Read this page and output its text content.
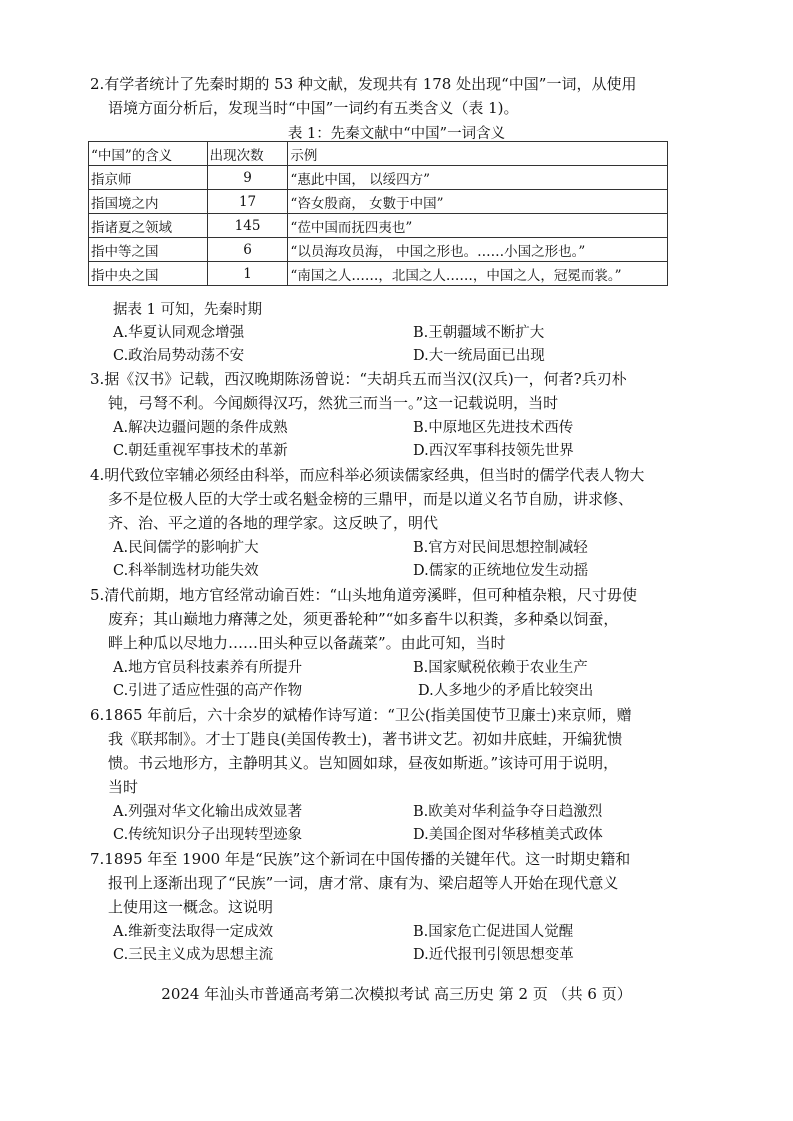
2.有学者统计了先秦时期的 53 种文献，发现共有 178 处出现“中国”一词，从使用
语境方面分析后，发现当时“中国”一词约有五类含义（表 1)。
表 1：先秦文献中“中国”一词含义
“中国”的含义	出现次数	示例
指京师	9	“惠此中国， 以绥四方”
指国境之内	17	“咨女殷商， 女數于中国”
指诸夏之领域	145	“莅中国而抚四夷也”
指中等之国	6	“以员海攻员海， 中国之形也。……小国之形也。”
指中央之国	1	“南国之人……，北国之人……，中国之人，冠冕而裳。”
据表 1 可知，先秦时期
A.华夏认同观念增强	B.王朝疆域不断扩大
C.政治局势动荡不安	D.大一统局面已出现
3.据《汉书》记载，西汉晚期陈汤曾说：“夫胡兵五而当汉(汉兵)一，何者?兵刃朴
钝，弓弩不利。今闻颇得汉巧，然犹三而当一。”这一记载说明，当时
A.解决边疆问题的条件成熟	B.中原地区先进技术西传
C.朝廷重视军事技术的革新	D.西汉军事科技领先世界
4.明代致位宰辅必须经由科举，而应科举必须读儒家经典，但当时的儒学代表人物大
多不是位极人臣的大学士或名魁金榜的三鼎甲，而是以道义名节自励，讲求修、
齐、治、平之道的各地的理学家。这反映了，明代
A.民间儒学的影响扩大	B.官方对民间思想控制减轻
C.科举制选材功能失效	D.儒家的正统地位发生动摇
5.清代前期，地方官经常动谕百姓：“山头地角道旁溪畔，但可种植杂粮，尺寸毋使
废弃；其山巅地力瘠薄之处，须更番轮种”“如多畜牛以积粪，多种桑以饲蚕，
畔上种瓜以尽地力……田头种豆以备蔬菜”。由此可知，当时
A.地方官员科技素养有所提升	B.国家赋税依赖于农业生产
C.引进了适应性强的高产作物	D.人多地少的矛盾比较突出
6.1865 年前后，六十余岁的斌椿作诗写道：“卫公(指美国使节卫廉士)来京师，赠
我《联邦制》。才士丁韪良(美国传教士)，著书讲文艺。初如井底蛙，开编犹愦
愦。书云地形方，主静明其义。岂知圆如球，昼夜如斯逝。”该诗可用于说明，
当时
A.列强对华文化输出成效显著	B.欧美对华利益争夺日趋激烈
C.传统知识分子出现转型迹象	D.美国企图对华移植美式政体
7.1895 年至 1900 年是“民族”这个新词在中国传播的关键年代。这一时期史籍和
报刊上逐渐出现了“民族”一词，唐才常、康有为、梁启超等人开始在现代意义
上使用这一概念。这说明
A.维新变法取得一定成效	B.国家危亡促进国人觉醒
C.三民主义成为思想主流	D.近代报刊引领思想变革
2024 年汕头市普通高考第二次模拟考试 高三历史 第 2 页 （共 6 页）
